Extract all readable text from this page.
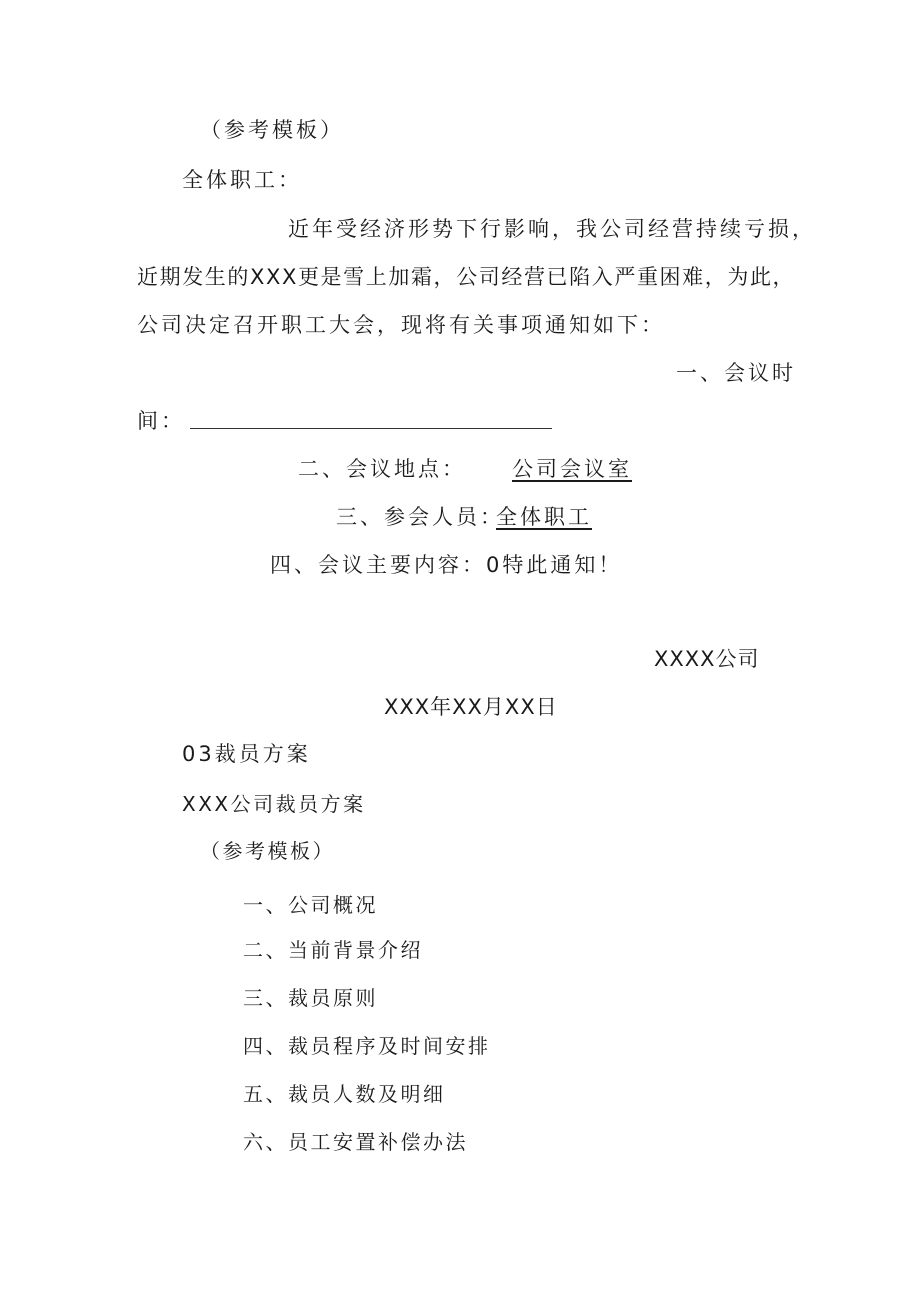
（参考模板）
全体职工：
近年受经济形势下行影响，我公司经营持续亏损，
近期发生的XXX更是雪上加霜，公司经营已陷入严重困难，为此，
公司决定召开职工大会，现将有关事项通知如下：
一、会议时
间：
二、会议地点： 公司会议室
三、参会人员：
全体职工
四、会议主要内容：0特此通知！
XXXX公司
XXX年XX月XX日
03裁员方案
XXX公司裁员方案
（参考模板）
一、公司概况
二、当前背景介绍
三、裁员原则
四、裁员程序及时间安排
五、裁员人数及明细
六、员工安置补偿办法
